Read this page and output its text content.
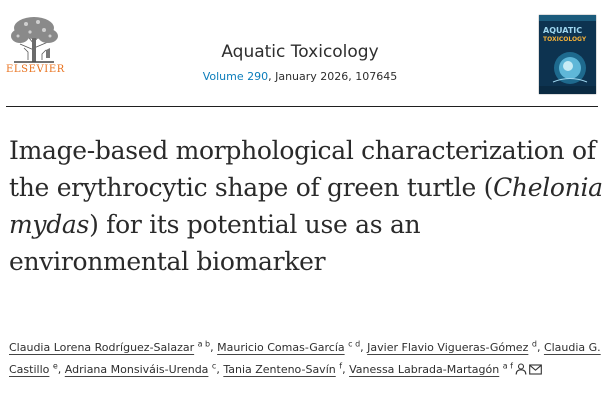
ELSEVIER
Aquatic Toxicology
Volume 290, January 2026, 107645
AQUATIC
TOXICOLOGY
Image-based morphological characterization of the erythrocytic shape of green turtle (Chelonia mydas) for its potential use as an environmental biomarker
Claudia Lorena Rodríguez-Salazar $^{a b}$, Mauricio Comas-García $^{c d}$, Javier Flavio Vigueras-Gómez $^d$, Claudia G. Castillo $^e$, Adriana Monsiváis-Urenda $^c$, Tania Zenteno-Savín $^f$, Vanessa Labrada-Martagón $^{a f}$
